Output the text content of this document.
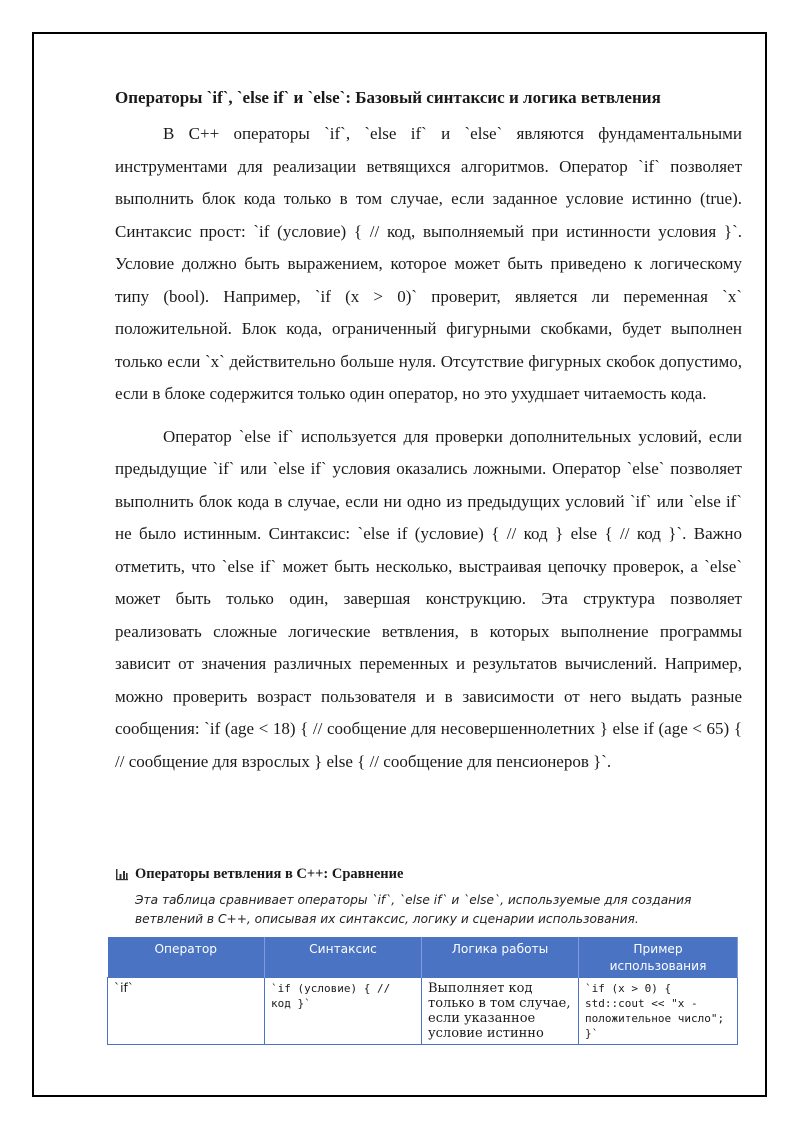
Операторы `if`, `else if` и `else`: Базовый синтаксис и логика ветвления

В С++ операторы `if`, `else if` и `else` являются фундаментальными инструментами для реализации ветвящихся алгоритмов. Оператор `if` позволяет выполнить блок кода только в том случае, если заданное условие истинно (true). Синтаксис прост: `if (условие) { // код, выполняемый при истинности условия }`. Условие должно быть выражением, которое может быть приведено к логическому типу (bool). Например, `if (x > 0)` проверит, является ли переменная `x` положительной. Блок кода, ограниченный фигурными скобками, будет выполнен только если `x` действительно больше нуля. Отсутствие фигурных скобок допустимо, если в блоке содержится только один оператор, но это ухудшает читаемость кода.

Оператор `else if` используется для проверки дополнительных условий, если предыдущие `if` или `else if` условия оказались ложными. Оператор `else` позволяет выполнить блок кода в случае, если ни одно из предыдущих условий `if` или `else if` не было истинным. Синтаксис: `else if (условие) { // код } else { // код }`. Важно отметить, что `else if` может быть несколько, выстраивая цепочку проверок, а `else` может быть только один, завершая конструкцию. Эта структура позволяет реализовать сложные логические ветвления, в которых выполнение программы зависит от значения различных переменных и результатов вычислений. Например, можно проверить возраст пользователя и в зависимости от него выдать разные сообщения: `if (age < 18) { // сообщение для несовершеннолетних } else if (age < 65) { // сообщение для взрослых } else { // сообщение для пенсионеров }`.

Операторы ветвления в C++: Сравнение
Эта таблица сравнивает операторы `if`, `else if` и `else`, используемые для создания ветвлений в C++, описывая их синтаксис, логику и сценарии использования.
Оператор	Синтаксис	Логика работы	Пример использования
`if`	`if (условие) { // код }`	Выполняет код только в том случае, если указанное условие истинно	`if (x > 0) { std::cout << "x - положительное число"; }`
